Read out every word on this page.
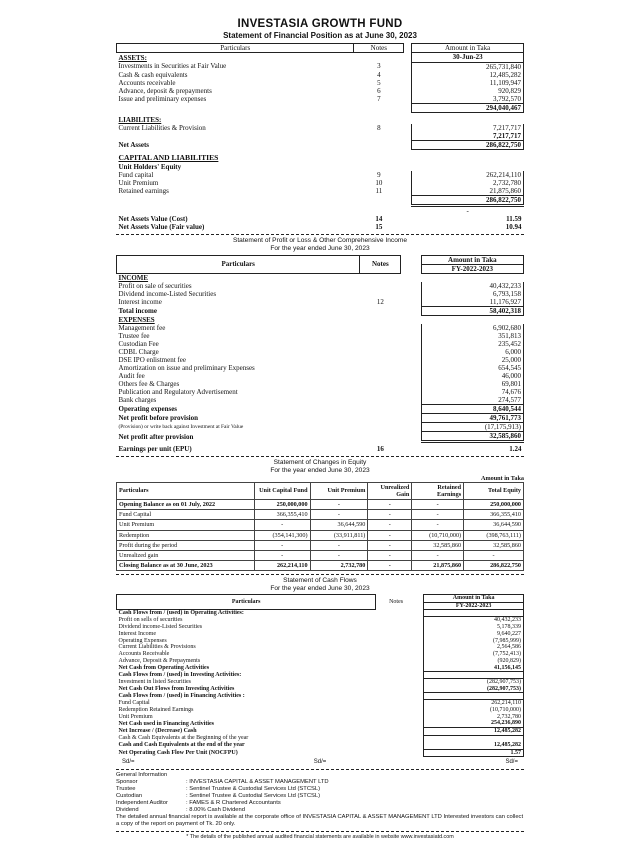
INVESTASIA GROWTH FUND
Statement of Financial Position as at June 30, 2023
Particulars	Notes		Amount in Taka
ASSETS:			30-Jun-23
Investments in Securities at Fair Value	3		265,731,840
Cash & cash equivalents	4		12,485,282
Accounts receivable	5		11,109,947
Advance, deposit & prepayments	6		920,829
Issue and preliminary expenses	7		3,792,570
			294,040,467

LIABILITES:			
Current Liabilities & Provision	8		7,217,717
			7,217,717
Net Assets			286,822,750

CAPITAL AND LIABILITIES			
Unit Holders' Equity			
Fund capital	9		262,214,110
Unit Premium	10		2,732,780
Retained earnings	11		21,875,860
			286,822,750
			-
Net Assets Value (Cost)	14		11.59
Net Assets Value (Fair value)	15		10.94
Statement of Profit or Loss & Other Comprehensive Income
For the year ended June 30, 2023
Particulars	Notes		Amount in Taka
			FY-2022-2023
INCOME			
Profit on sale of securities			40,432,233
Dividend income-Listed Securities			6,793,158
Interest income	12		11,176,927
Total income			58,402,318
EXPENSES			
Management fee			6,902,680
Trustee fee			351,813
Custodian Fee			235,452
CDBL Charge			6,000
DSE IPO enlistment fee			25,000
Amortization on issue and preliminary Expenses			654,545
Audit fee			46,000
Others fee & Charges			69,801
Publication and Regulatory Advertisement			74,676
Bank charges			274,577
Operating expenses			8,640,544
Net profit before provision			49,761,773
(Provision) or write back against Investment at Fair Value			(17,175,913)
Net profit after provision			32,585,860

Earnings per unit (EPU)	16		1.24
Statement of Changes in Equity
For the year ended June 30, 2023
Amount in Taka
Particulars	Unit Capital Fund	Unit Premium	Unrealized Gain	Retained Earnings	Total Equity
Opening Balance as on 01 July, 2022	250,000,000	-	-	-	250,000,000
Fund Capital	366,355,410	-	-	-	366,355,410
Unit Premium	-	36,644,590	-	-	36,644,590
Redemption	(354,141,300)	(33,911,811)	-	(10,710,000)	(398,763,111)
Profit during the period	-	-	-	32,585,860	32,585,860
Unrealized gain	-	-	-	-	-
Closing Balance as at 30 June, 2023	262,214,110	2,732,780	-	21,875,860	286,822,750
Statement of Cash Flows
For the year ended June 30, 2023
Particulars	Notes		Amount in Taka
			FY-2022-2023
Cash Flows from / (used) in Operating Activities:			
Profit on sells of securities			40,432,233
Dividend income-Listed Securities			5,178,339
Interest Income			9,640,227
Operating Expenses			(7,985,999)
Current Liabilities & Provisions			2,564,586
Accounts Receivable			(7,752,413)
Advance, Deposit & Prepayments			(920,829)
Net Cash from Operating Activities			41,156,145
Cash Flows from / (used) in Investing Activities:			
Investment in listed Securities			(282,907,753)
Net Cash Out Flows from Investing Activities			(282,907,753)
Cash Flows from / (used) in Financing Activities :			
Fund Capital			262,214,110
Redemption Retained Earnings			(10,710,000)
Unit Premium			2,732,780
Net Cash used in Financing Activities			254,236,890
Net Increase / (Decrease) Cash			12,485,282
Cash & Cash Equivalents at the Beginning of the year			
Cash and Cash Equivalents at the end of the year			12,485,282
Net Operating Cash Flow Per Unit (NOCFPU)			1.57
Sd/=	Sd/=	Sd/=
General Information	
Sponsor	: INVESTASIA CAPITAL & ASSET MANAGEMENT LTD
Trustee	: Sentinel Trustee & Custodial Services Ltd (STCSL)
Custodian	: Sentinel Trustee & Custodial Services Ltd (STCSL)
Independent Auditor	: FAMES & R Chartered Accountants
Dividend	: 8.00% Cash Dividend
The detailed annual financial report is available at the corporate office of INVESTASIA CAPITAL & ASSET MANAGEMENT LTD Interested investors can collect a copy of the report on payment of Tk. 20 only.
* The details of the published annual audited financial statements are available in website www.investasiatd.com
